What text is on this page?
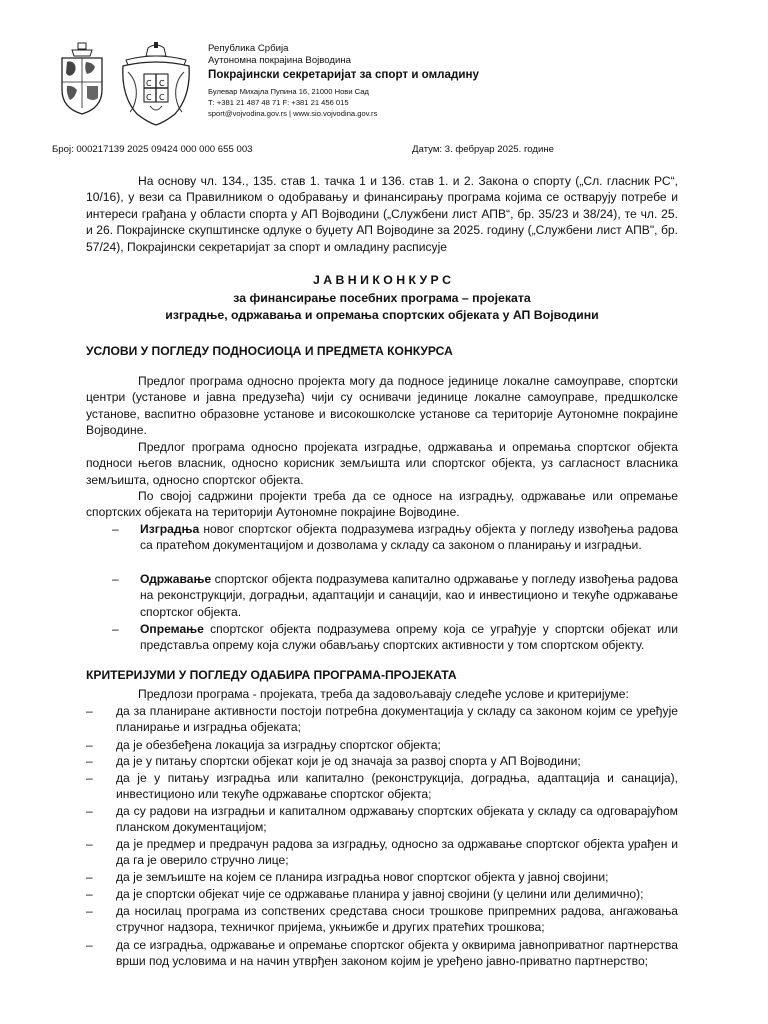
С С
С С
Република Србија
Аутономна покрајина Војводина
Покрајински секретаријат за спорт и омладину
Булевар Михајла Пупина 16, 21000 Нови Сад
Т: +381 21 487 48 71 F: +381 21 456 015
sport@vojvodina.gov.rs | www.sio.vojvodina.gov.rs
Број: 000217139 2025 09424 000 000 655 003	Датум: 3. фебруар 2025. године
На основу чл. 134., 135. став 1. тачка 1 и 136. став 1. и 2. Закона о спорту („Сл. гласник РС“, 10/16), у вези са Правилником о одобравању и финансирању програма којима се остварују потребе и интереси грађана у области спорта у АП Војводини („Службени лист АПВ“, бр. 35/23 и 38/24), те чл. 25. и 26. Покрајинске скупштинске одлуке о буџету АП Војводине за 2025. годину („Службени лист АПВ", бр. 57/24), Покрајински секретаријат за спорт и омладину расписује
Ј А В Н И К О Н К У Р С
за финансирање посебних програма – пројеката
изградње, одржавања и опремања спортских објеката у АП Војводини
УСЛОВИ У ПОГЛЕДУ ПОДНОСИОЦА И ПРЕДМЕТА КОНКУРСА
Предлог програма односно пројекта могу да подносе јединице локалне самоуправе, спортски центри (установе и јавна предузећа) чији су оснивачи јединице локалне самоуправе, предшколске установе, васпитно образовне установе и високошколске установе са територије Аутономне покрајине Војводине.
Предлог програма односно пројеката изградње, одржавања и опремања спортског објекта подноси његов власник, односно корисник земљишта или спортског објекта, уз сагласност власника земљишта, односно спортског објекта.
По својој садржини пројекти треба да се односе на изградњу, одржавање или опремање спортских објеката на територији Аутономне покрајине Војводине.
– Изградња новог спортског објекта подразумева изградњу објекта у погледу извођења радова са пратећом документацијом и дозволама у складу са законом о планирању и изградњи.
– Одржавање спортског објекта подразумева капитално одржавање у погледу извођења радова на реконструкцији, доградњи, адаптацији и санацији, као и инвестиционо и текуће одржавање спортског објекта.
– Опремање спортског објекта подразумева опрему која се уграђује у спортски објекат или представља опрему која служи обављању спортских активности у том спортском објекту.
КРИТЕРИЈУМИ У ПОГЛЕДУ ОДАБИРА ПРОГРАМА-ПРОЈЕКАТА
Предлози програма - пројеката, треба да задовољавају следеће услове и критеријуме:
– да за планиране активности постоји потребна документација у складу са законом којим се уређује планирање и изградња објеката;
– да је обезбеђена локација за изградњу спортског објекта;
– да је у питању спортски објекат који је од значаја за развој спорта у АП Војводини;
– да је у питању изградња или капитално (реконструкција, доградња, адаптација и санација), инвестиционо или текуће одржавање спортског објекта;
– да су радови на изградњи и капиталном одржавању спортских објеката у складу са одговарајућом планском документацијом;
– да је предмер и предрачун радова за изградњу, односно за одржавање спортског објекта урађен и да га је оверило стручно лице;
– да је земљиште на којем се планира изградња новог спортског објекта у јавној својини;
– да је спортски објекат чије се одржавање планира у јавној својини (у целини или делимично);
– да носилац програма из сопствених средстава сноси трошкове припремних радова, ангажовања стручног надзора, техничког пријема, укњижбе и других пратећих трошкова;
– да се изградња, одржавање и опремање спортског објекта у оквирима јавноприватног партнерства врши под условима и на начин утврђен законом којим је уређено јавно-приватно партнерство;
